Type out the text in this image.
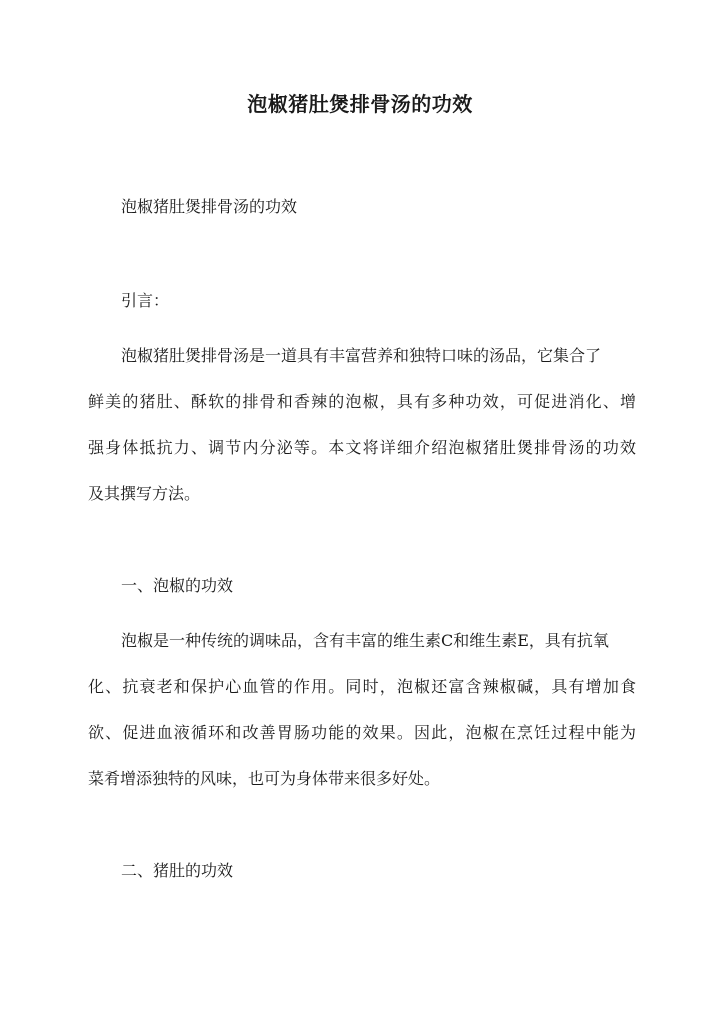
泡椒猪肚煲排骨汤的功效

泡椒猪肚煲排骨汤的功效

引言：

泡椒猪肚煲排骨汤是一道具有丰富营养和独特口味的汤品，它集合了

鲜美的猪肚、酥软的排骨和香辣的泡椒，具有多种功效，可促进消化、增

强身体抵抗力、调节内分泌等。本文将详细介绍泡椒猪肚煲排骨汤的功效

及其撰写方法。

一、泡椒的功效

泡椒是一种传统的调味品，含有丰富的维生素C和维生素E，具有抗氧

化、抗衰老和保护心血管的作用。同时，泡椒还富含辣椒碱，具有增加食

欲、促进血液循环和改善胃肠功能的效果。因此，泡椒在烹饪过程中能为

菜肴增添独特的风味，也可为身体带来很多好处。

二、猪肚的功效
